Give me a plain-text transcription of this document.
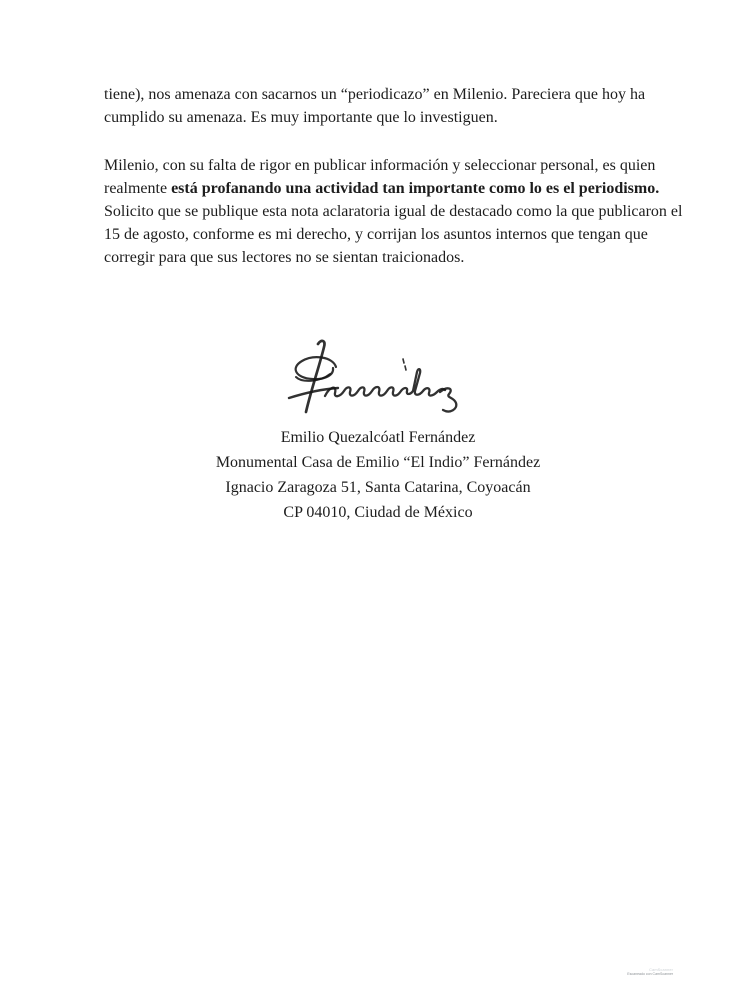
tiene), nos amenaza con sacarnos un “periodicazo” en Milenio. Pareciera que hoy ha
cumplido su amenaza. Es muy importante que lo investiguen.
Milenio, con su falta de rigor en publicar información y seleccionar personal, es quien
realmente está profanando una actividad tan importante como lo es el periodismo.
Solicito que se publique esta nota aclaratoria igual de destacado como la que publicaron el
15 de agosto, conforme es mi derecho, y corrijan los asuntos internos que tengan que
corregir para que sus lectores no se sientan traicionados.
Emilio Quezalcóatl Fernández
Monumental Casa de Emilio “El Indio” Fernández
Ignacio Zaragoza 51, Santa Catarina, Coyoacán
CP 04010, Ciudad de México
CamScanner
Escaneado con CamScanner
